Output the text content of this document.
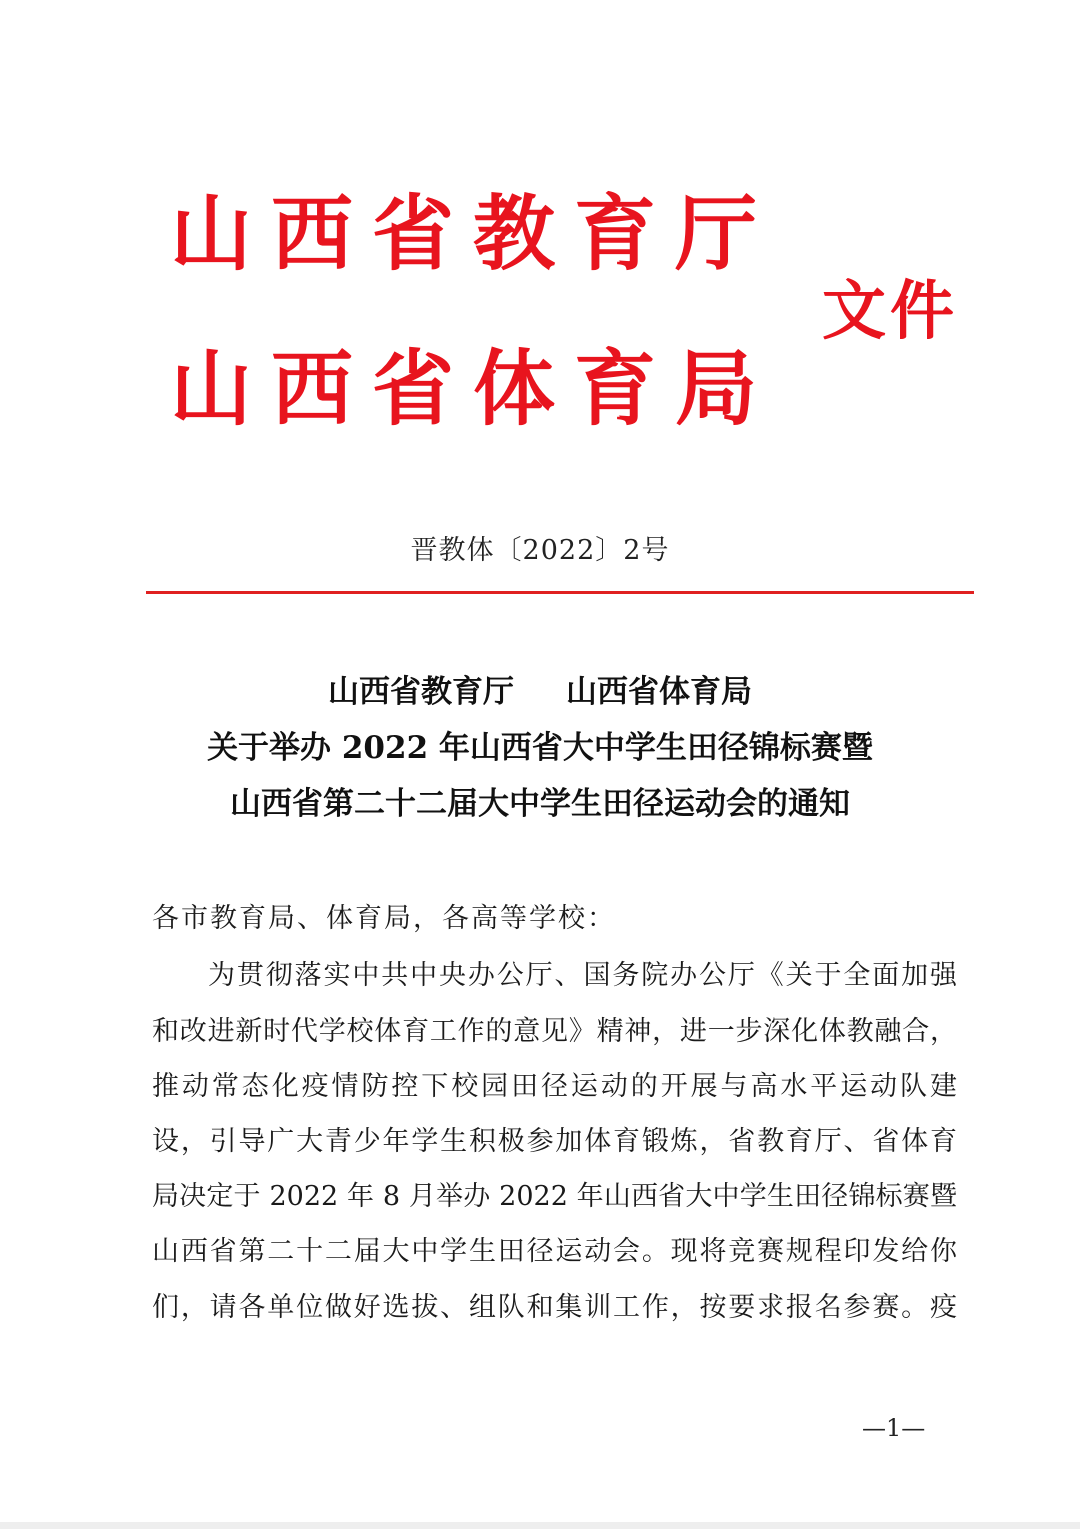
山西省教育厅
山西省体育局
文件
晋教体〔2022〕2号
山西省教育厅 山西省体育局
关于举办 2022 年山西省大中学生田径锦标赛暨
山西省第二十二届大中学生田径运动会的通知
各市教育局、体育局，各高等学校：
为贯彻落实中共中央办公厅、国务院办公厅《关于全面加强
和改进新时代学校体育工作的意见》精神，进一步深化体教融合，
推动常态化疫情防控下校园田径运动的开展与高水平运动队建
设，引导广大青少年学生积极参加体育锻炼，省教育厅、省体育
局决定于 2022 年 8 月举办 2022 年山西省大中学生田径锦标赛暨
山西省第二十二届大中学生田径运动会。现将竞赛规程印发给你
们，请各单位做好选拔、组队和集训工作，按要求报名参赛。疫
—1—
